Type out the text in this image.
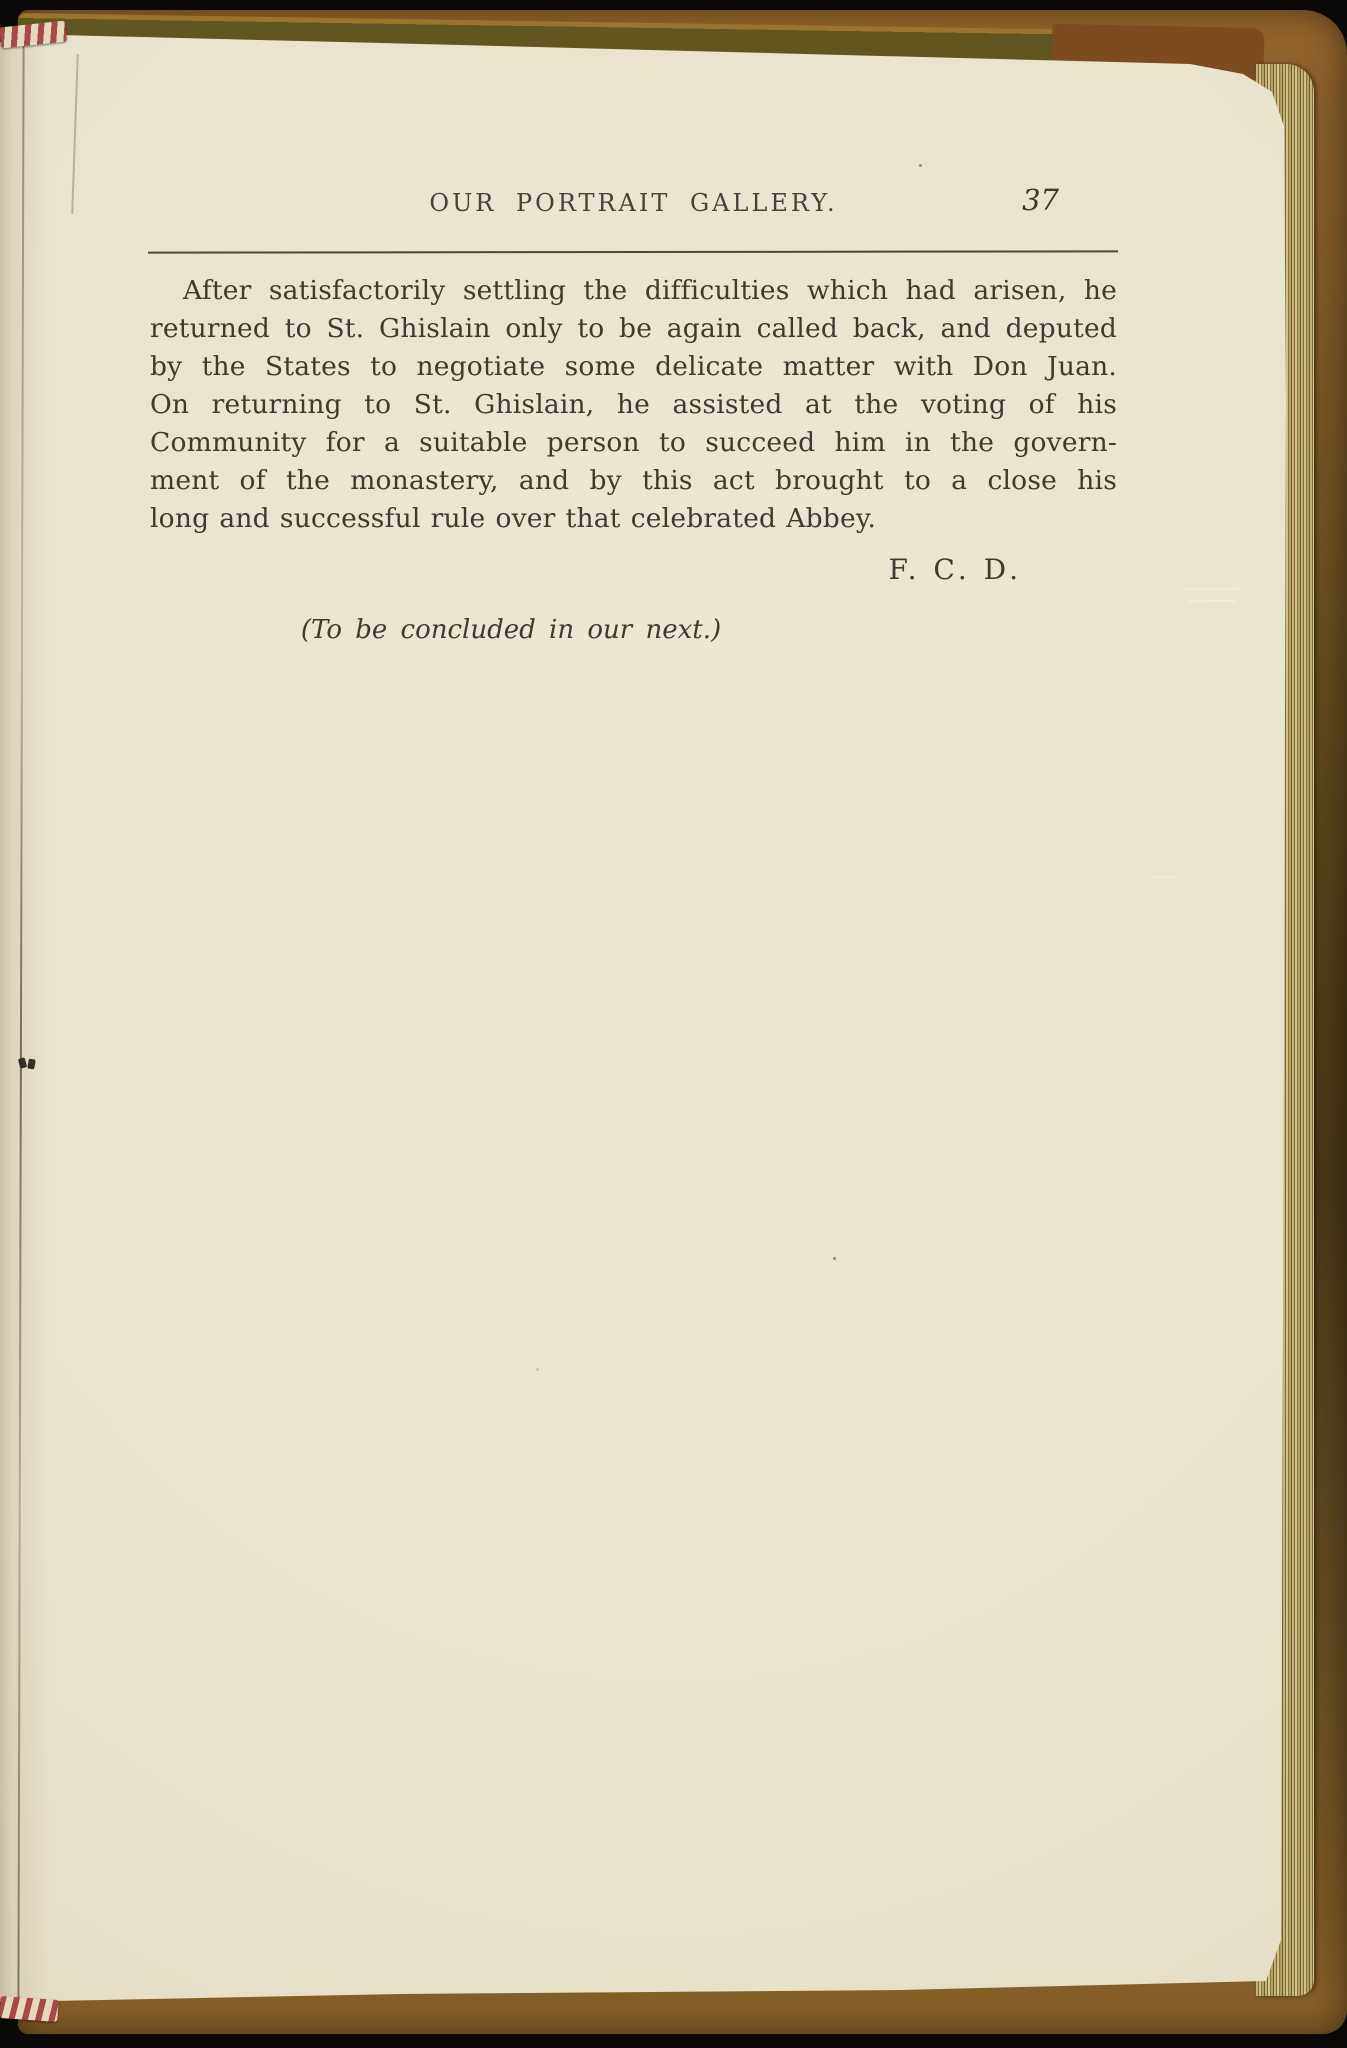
OUR PORTRAIT GALLERY.	37
After satisfactorily settling the difficulties which had arisen, he
returned to St. Ghislain only to be again called back, and deputed
by the States to negotiate some delicate matter with Don Juan.
On returning to St. Ghislain, he assisted at the voting of his
Community for a suitable person to succeed him in the govern-
ment of the monastery, and by this act brought to a close his
long and successful rule over that celebrated Abbey.
F. C. D.
(To be concluded in our next.)
